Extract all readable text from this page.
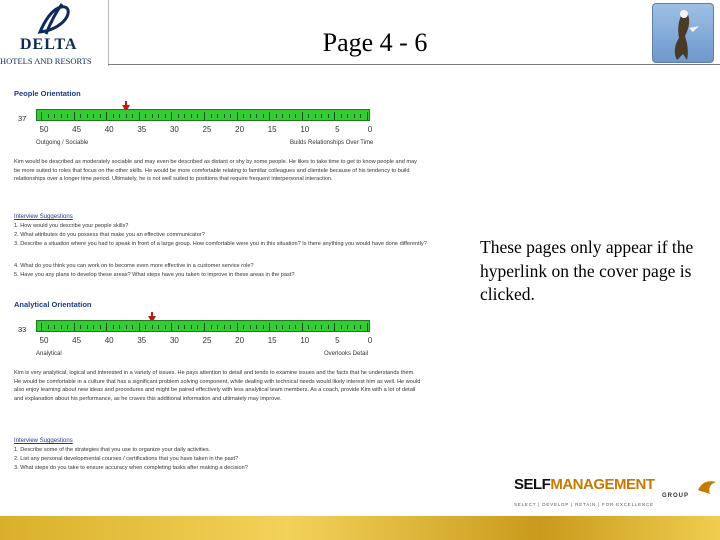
DELTA
HOTELS AND RESORTS
Page 4 - 6
People Orientation
37
Outgoing / Sociable	Builds Relationships Over Time
Kim would be described as moderately sociable and may even be described as distant or shy by some people. He likes to take time to get to know people and may be more suited to roles that focus on the other skills. He would be more comfortable relating to familiar colleagues and clientele because of his tendency to build relationships over a longer time period. Ultimately, he is not well suited to positions that require frequent interpersonal interaction.
Interview Suggestions
1. How would you describe your people skills?
2. What attributes do you possess that make you an effective communicator?
3. Describe a situation where you had to speak in front of a large group. How comfortable were you in this situation? Is there anything you would have done differently?
4. What do you think you can work on to become even more effective in a customer service role?
5. Have you any plans to develop these areas? What steps have you taken to improve in these areas in the past?
Analytical Orientation
33
Analytical	Overlooks Detail
Kim is very analytical, logical and interested in a variety of issues. He pays attention to detail and tends to examine issues and the facts that he understands them. He would be comfortable in a culture that has a significant problem solving component, while dealing with technical needs would likely interest him as well. He would also enjoy learning about new ideas and procedures and might be paired effectively with less analytical team members. As a coach, provide Kim with a lot of detail and explanation about his performance, as he craves this additional information and ultimately may improve.
Interview Suggestions
1. Describe some of the strategies that you use to organize your daily activities.
2. List any personal developmental courses / certifications that you have taken in the past?
3. What steps do you take to ensure accuracy when completing tasks after making a decision?
50	45	40	35	30	25	20	15	10	5	0
50	45	40	35	30	25	20	15	10	5	0
These pages only appear if the hyperlink on the cover page is clicked.
SELFMANAGEMENT
GROUP
SELECT | DEVELOP | RETAIN | FOR EXCELLENCE
